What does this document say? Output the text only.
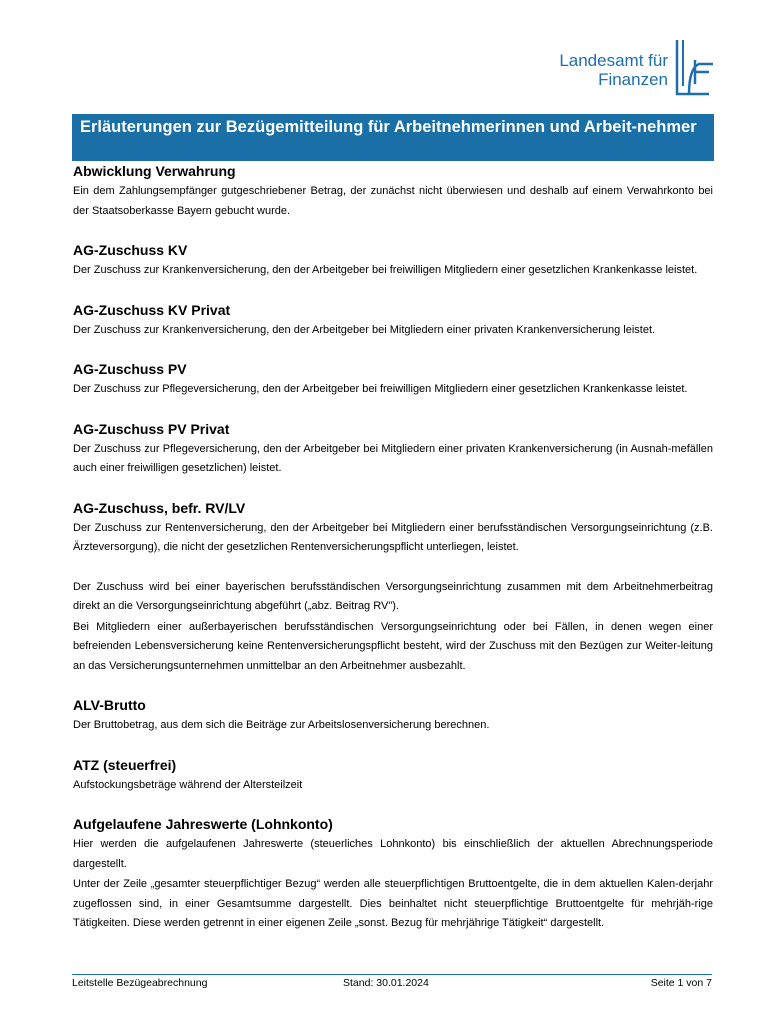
Landesamt für
Finanzen
Erläuterungen zur Bezügemitteilung für Arbeitnehmerinnen und Arbeit-nehmer
Abwicklung Verwahrung

Ein dem Zahlungsempfänger gutgeschriebener Betrag, der zunächst nicht überwiesen und deshalb auf einem Verwahrkonto bei der Staatsoberkasse Bayern gebucht wurde.

AG-Zuschuss KV

Der Zuschuss zur Krankenversicherung, den der Arbeitgeber bei freiwilligen Mitgliedern einer gesetzlichen Krankenkasse leistet.

AG-Zuschuss KV Privat

Der Zuschuss zur Krankenversicherung, den der Arbeitgeber bei Mitgliedern einer privaten Krankenversicherung leistet.

AG-Zuschuss PV

Der Zuschuss zur Pflegeversicherung, den der Arbeitgeber bei freiwilligen Mitgliedern einer gesetzlichen Krankenkasse leistet.

AG-Zuschuss PV Privat

Der Zuschuss zur Pflegeversicherung, den der Arbeitgeber bei Mitgliedern einer privaten Krankenversicherung (in Ausnah-mefällen auch einer freiwilligen gesetzlichen) leistet.

AG-Zuschuss, befr. RV/LV

Der Zuschuss zur Rentenversicherung, den der Arbeitgeber bei Mitgliedern einer berufsständischen Versorgungseinrichtung (z.B. Ärzteversorgung), die nicht der gesetzlichen Rentenversicherungspflicht unterliegen, leistet.

Der Zuschuss wird bei einer bayerischen berufsständischen Versorgungseinrichtung zusammen mit dem Arbeitnehmerbeitrag direkt an die Versorgungseinrichtung abgeführt („abz. Beitrag RV").

Bei Mitgliedern einer außerbayerischen berufsständischen Versorgungseinrichtung oder bei Fällen, in denen wegen einer befreienden Lebensversicherung keine Rentenversicherungspflicht besteht, wird der Zuschuss mit den Bezügen zur Weiter-leitung an das Versicherungsunternehmen unmittelbar an den Arbeitnehmer ausbezahlt.

ALV-Brutto

Der Bruttobetrag, aus dem sich die Beiträge zur Arbeitslosenversicherung berechnen.

ATZ (steuerfrei)

Aufstockungsbeträge während der Altersteilzeit

Aufgelaufene Jahreswerte (Lohnkonto)

Hier werden die aufgelaufenen Jahreswerte (steuerliches Lohnkonto) bis einschließlich der aktuellen Abrechnungsperiode dargestellt.

Unter der Zeile „gesamter steuerpflichtiger Bezug“ werden alle steuerpflichtigen Bruttoentgelte, die in dem aktuellen Kalen-derjahr zugeflossen sind, in einer Gesamtsumme dargestellt. Dies beinhaltet nicht steuerpflichtige Bruttoentgelte für mehrjäh-rige Tätigkeiten. Diese werden getrennt in einer eigenen Zeile „sonst. Bezug für mehrjährige Tätigkeit“ dargestellt.

Leitstelle Bezügeabrechnung	Stand: 30.01.2024	Seite 1 von 7
